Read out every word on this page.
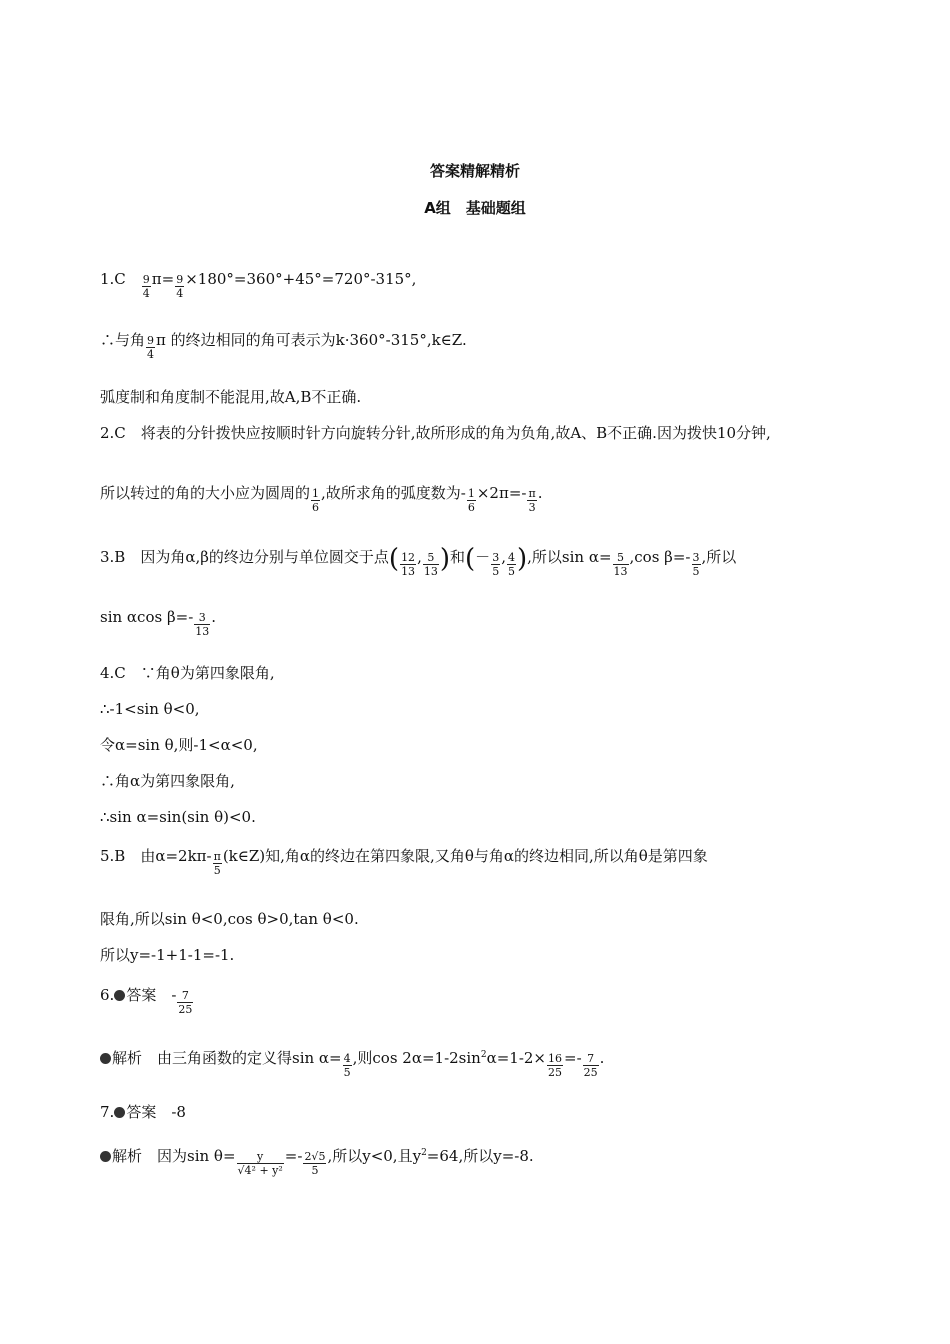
答案精解精析
A组　基础题组
1.C　 $\frac{9}{4} \pi= \frac{9}{4} \times 180^\circ=360^\circ+45^\circ=720^\circ-315^\circ$,
∴与角 $\frac{9}{4}$ π 的终边相同的角可表示为k·360°-315°,k∈Z.
弧度制和角度制不能混用,故A,B不正确.
2.C　将表的分针拨快应按顺时针方向旋转分针,故所形成的角为负角,故A、B不正确.因为拨快10分钟,
所以转过的角的大小应为圆周的 $\frac{1}{6}$ ,故所求角的弧度数为- $\frac{1}{6} \times 2\pi=- \frac{\pi}{3}$ .
3.B　因为角α,β的终边分别与单位圆交于点( $\frac{12}{13}$ , $\frac{5}{13}$ )和(－ $\frac{3}{5}$ , $\frac{4}{5}$ ),所以$\sin \alpha= \frac{5}{13} ,\cos$ $\beta=- \frac{3}{5}$ ,所以
sin αcos $\beta=- \frac{3}{13}$ .
4.C　∵角θ为第四象限角,
∴-1<sin θ<0,
令α=sin θ,则-1<α<0,
∴角α为第四象限角,
∴sin α=sin(sin θ)<0.
5.B　由$\alpha=2k\pi- \frac{\pi}{5}$ (k∈Z)知,角α的终边在第四象限,又角θ与角α的终边相同,所以角θ是第四象
限角,所以sin θ<0,cos θ>0,tan θ<0.
所以y=-1+1-1=-1.
6. 答案　- $\frac{7}{25}$
解析　由三角函数的定义得$\sin \alpha= \frac{4}{5}$ ,则$\cos 2\alpha=1-2\sin^2\alpha=1-2\times \frac{16}{25} =- \frac{7}{25}$ .
7. 答案　-8
解析　因为$\sin \theta= \frac{y}{\text{√4² + y²}} =- \frac{2√5}{5}$ ,所以y<0,且$y^2=64$,所以y=-8.
